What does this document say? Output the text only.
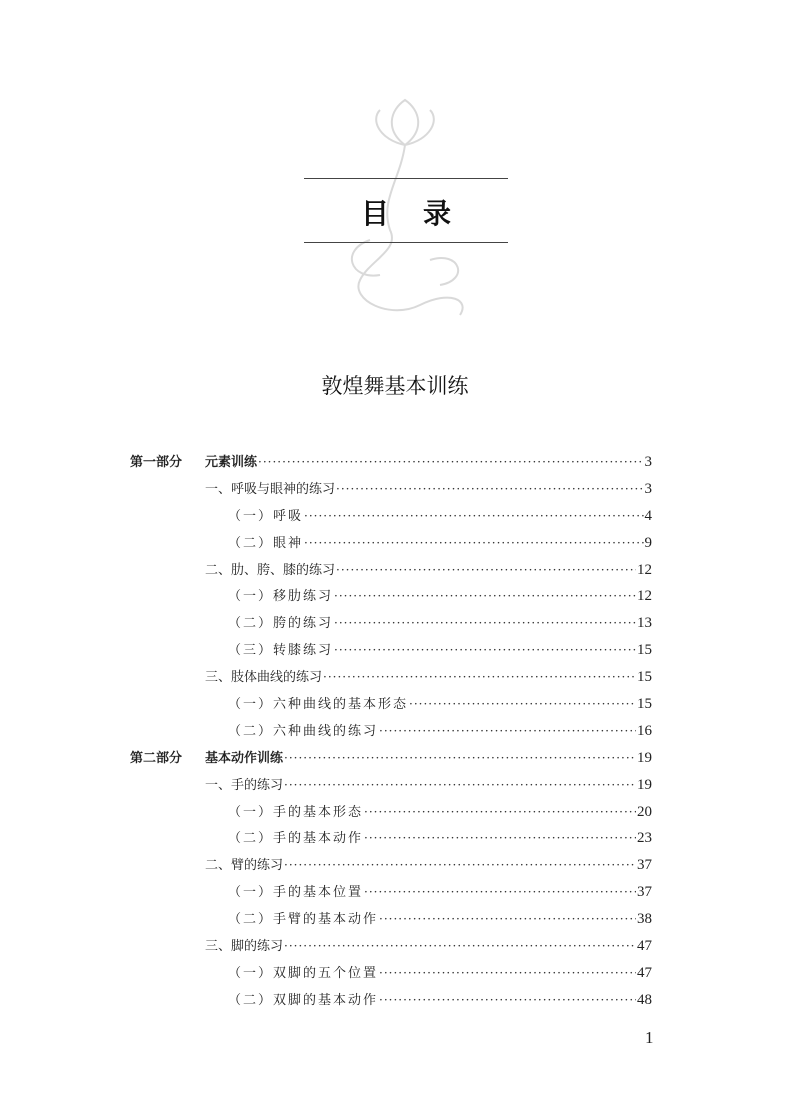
目录
敦煌舞基本训练
第一部分	元素训练 ·····	3
一、呼吸与眼神的练习 ·····	3
（一）呼吸 ·····	4
（二）眼神 ·····	9
二、肋、胯、膝的练习 ·····	12
（一）移肋练习 ·····	12
（二）胯的练习 ·····	13
（三）转膝练习 ·····	15
三、肢体曲线的练习 ·····	15
（一）六种曲线的基本形态 ·····	15
（二）六种曲线的练习 ·····	16
第二部分	基本动作训练 ·····	19
一、手的练习 ·····	19
（一）手的基本形态 ·····	20
（二）手的基本动作 ·····	23
二、臂的练习 ·····	37
（一）手的基本位置 ·····	37
（二）手臂的基本动作 ·····	38
三、脚的练习 ·····	47
（一）双脚的五个位置 ·····	47
（二）双脚的基本动作 ·····	48
1
